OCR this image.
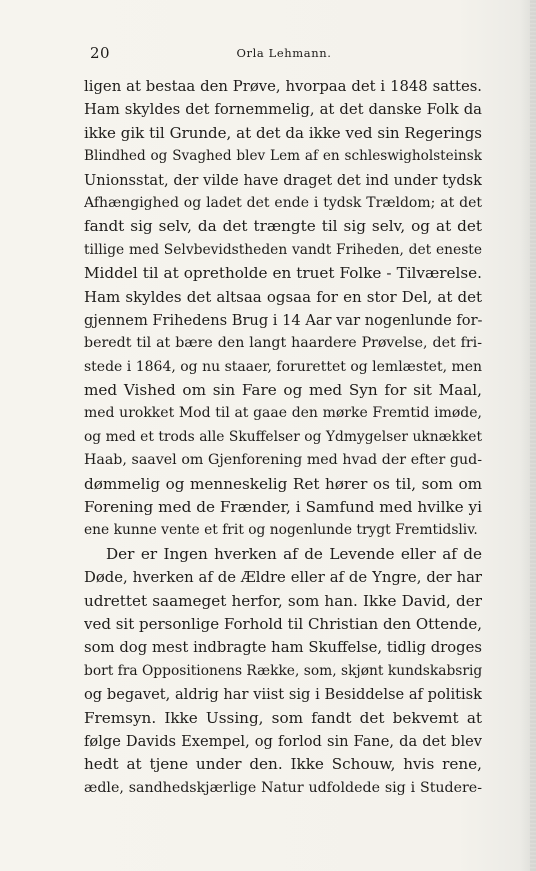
20	Orla Lehmann.
ligen at bestaa den Prøve, hvorpaa det i 1848 sattes.
Ham skyldes det fornemmelig, at det danske Folk da
ikke gik til Grunde, at det da ikke ved sin Regerings
Blindhed og Svaghed blev Lem af en schleswigholsteinsk
Unionsstat, der vilde have draget det ind under tydsk
Afhængighed og ladet det ende i tydsk Trældom; at det
fandt sig selv, da det trængte til sig selv, og at det
tillige med Selvbevidstheden vandt Friheden, det eneste
Middel til at opretholde en truet Folke - Tilværelse.
Ham skyldes det altsaa ogsaa for en stor Del, at det
gjennem Frihedens Brug i 14 Aar var nogenlunde for-
beredt til at bære den langt haardere Prøvelse, det fri-
stede i 1864, og nu staaer, forurettet og lemlæstet, men
med Vished om sin Fare og med Syn for sit Maal,
med urokket Mod til at gaae den mørke Fremtid imøde,
og med et trods alle Skuffelser og Ydmygelser uknækket
Haab, saavel om Gjenforening med hvad der efter gud-
dømmelig og menneskelig Ret hører os til, som om
Forening med de Frænder, i Samfund med hvilke yi
ene kunne vente et frit og nogenlunde trygt Fremtidsliv.
Der er Ingen hverken af de Levende eller af de
Døde, hverken af de Ældre eller af de Yngre, der har
udrettet saameget herfor, som han. Ikke David, der
ved sit personlige Forhold til Christian den Ottende,
som dog mest indbragte ham Skuffelse, tidlig droges
bort fra Oppositionens Række, som, skjønt kundskabsrig
og begavet, aldrig har viist sig i Besiddelse af politisk
Fremsyn. Ikke Ussing, som fandt det bekvemt at
følge Davids Exempel, og forlod sin Fane, da det blev
hedt at tjene under den. Ikke Schouw, hvis rene,
ædle, sandhedskjærlige Natur udfoldede sig i Studere-
